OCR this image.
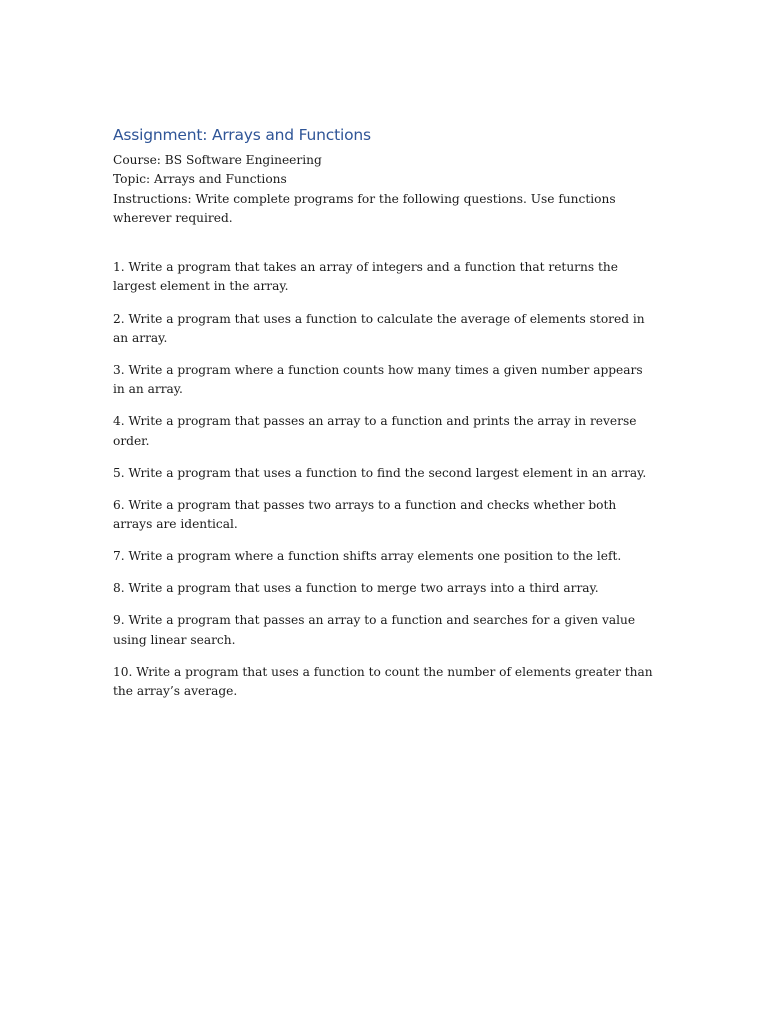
Assignment: Arrays and Functions

Course: BS Software Engineering

Topic: Arrays and Functions

Instructions: Write complete programs for the following questions. Use functions wherever required.

1. Write a program that takes an array of integers and a function that returns the largest element in the array.

2. Write a program that uses a function to calculate the average of elements stored in an array.

3. Write a program where a function counts how many times a given number appears in an array.

4. Write a program that passes an array to a function and prints the array in reverse order.

5. Write a program that uses a function to find the second largest element in an array.

6. Write a program that passes two arrays to a function and checks whether both arrays are identical.

7. Write a program where a function shifts array elements one position to the left.

8. Write a program that uses a function to merge two arrays into a third array.

9. Write a program that passes an array to a function and searches for a given value using linear search.

10. Write a program that uses a function to count the number of elements greater than the array’s average.
